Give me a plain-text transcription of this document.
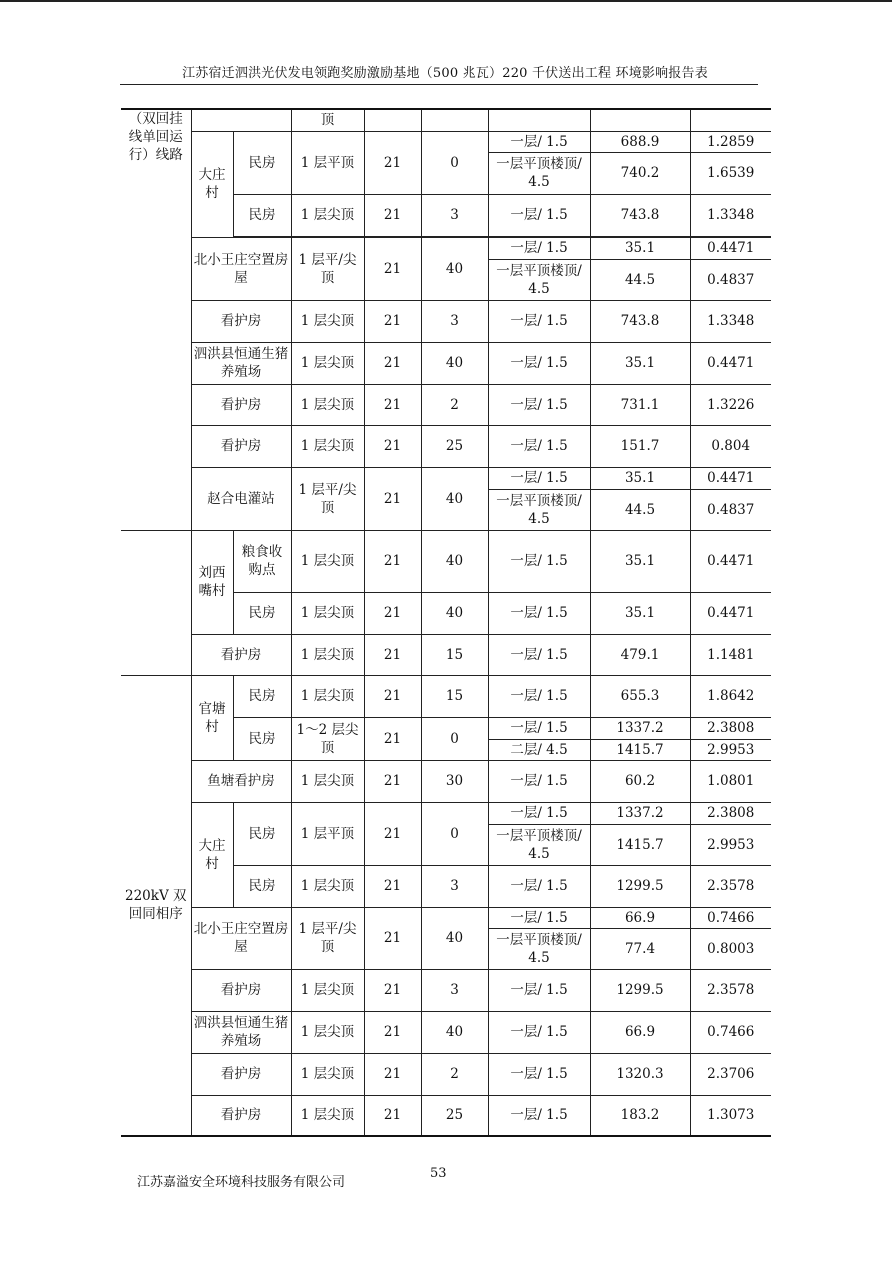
江苏宿迁泗洪光伏发电领跑奖励激励基地（500 兆瓦）220 千伏送出工程 环境影响报告表
（双回挂线单回运行）线路			顶					
	大庄村	民房	1 层平顶	21	0	一层/ 1.5	688.9	1.2859
						一层平顶楼顶/ 4.5	740.2	1.6539
		民房	1 层尖顶	21	3	一层/ 1.5	743.8	1.3348

	北小王庄空置房屋		1 层平/尖顶	21	40	一层/ 1.5	35.1	0.4471
						一层平顶楼顶/ 4.5	44.5	0.4837
	看护房		1 层尖顶	21	3	一层/ 1.5	743.8	1.3348
	泗洪县恒通生猪养殖场		1 层尖顶	21	40	一层/ 1.5	35.1	0.4471
	看护房		1 层尖顶	21	2	一层/ 1.5	731.1	1.3226
	看护房		1 层尖顶	21	25	一层/ 1.5	151.7	0.804
	赵合电灌站		1 层平/尖顶	21	40	一层/ 1.5	35.1	0.4471
						一层平顶楼顶/ 4.5	44.5	0.4837
	刘西嘴村	粮食收购点	1 层尖顶	21	40	一层/ 1.5	35.1	0.4471
		民房	1 层尖顶	21	40	一层/ 1.5	35.1	0.4471
	看护房		1 层尖顶	21	15	一层/ 1.5	479.1	1.1481
220kV 双回同相序	官塘村	民房	1 层尖顶	21	15	一层/ 1.5	655.3	1.8642
		民房	1～2 层尖顶	21	0	一层/ 1.5	1337.2	2.3808
						二层/ 4.5	1415.7	2.9953
	鱼塘看护房		1 层尖顶	21	30	一层/ 1.5	60.2	1.0801
	大庄村	民房	1 层平顶	21	0	一层/ 1.5	1337.2	2.3808
						一层平顶楼顶/ 4.5	1415.7	2.9953
		民房	1 层尖顶	21	3	一层/ 1.5	1299.5	2.3578
	北小王庄空置房屋		1 层平/尖顶	21	40	一层/ 1.5	66.9	0.7466
						一层平顶楼顶/ 4.5	77.4	0.8003
	看护房		1 层尖顶	21	3	一层/ 1.5	1299.5	2.3578
	泗洪县恒通生猪养殖场		1 层尖顶	21	40	一层/ 1.5	66.9	0.7466
	看护房		1 层尖顶	21	2	一层/ 1.5	1320.3	2.3706
	看护房		1 层尖顶	21	25	一层/ 1.5	183.2	1.3073
江苏嘉溢安全环境科技服务有限公司
53
